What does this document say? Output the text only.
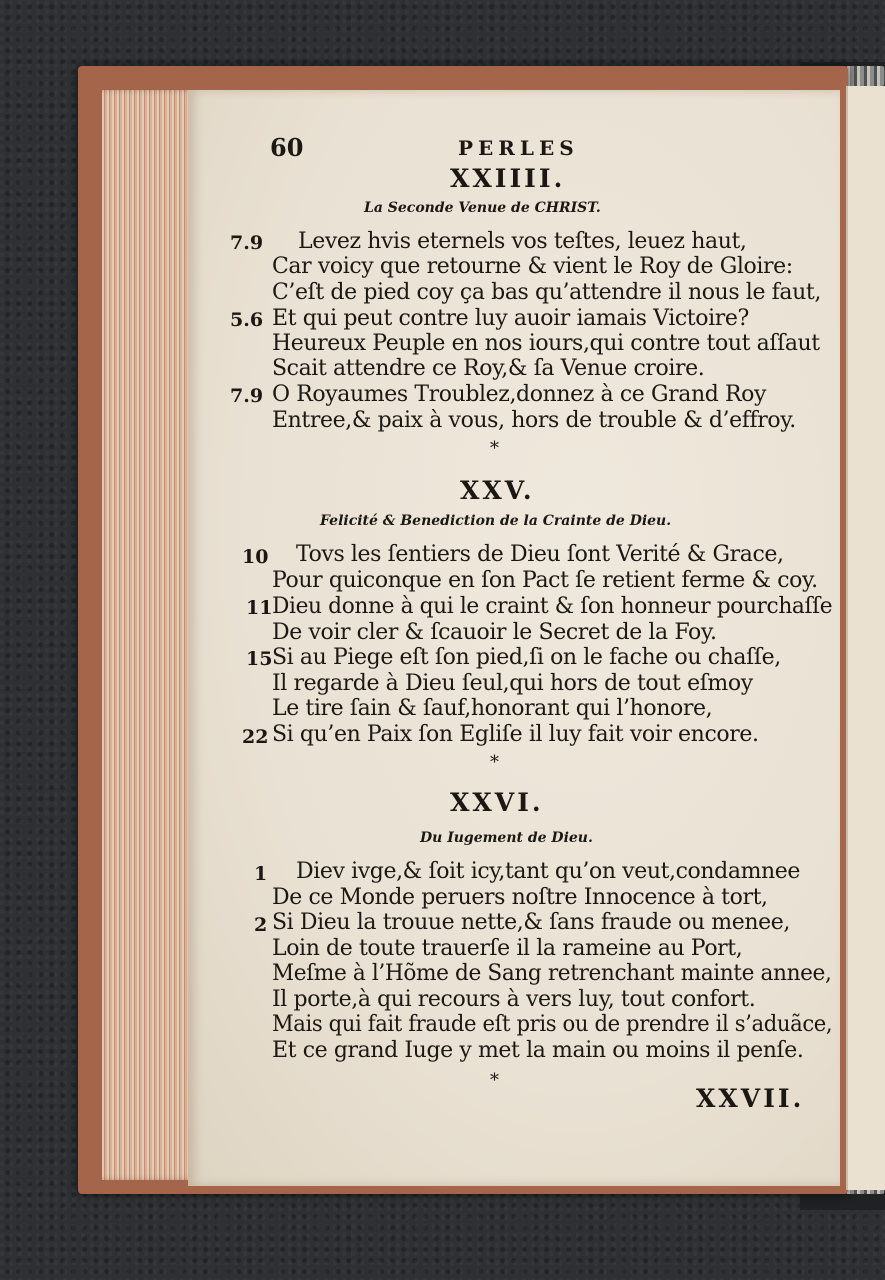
60	PERLES
XXIIII.
La Seconde Venue de CHRIST.
7.9 Levez hvis eternels vos teſtes, leuez haut,
Car voicy que retourne & vient le Roy de Gloire:
C’eſt de pied coy ça bas qu’attendre il nous le faut,
5.6 Et qui peut contre luy auoir iamais Victoire?
Heureux Peuple en nos iours,qui contre tout aſſaut
Scait attendre ce Roy,& ſa Venue croire.
7.9 O Royaumes Troublez,donnez à ce Grand Roy
Entree,& paix à vous, hors de trouble & d’effroy.
*
XXV.
Felicité & Benediction de la Crainte de Dieu.
10 Tovs les ſentiers de Dieu ſont Verité & Grace,
Pour quiconque en ſon Pact ſe retient ferme & coy.
11 Dieu donne à qui le craint & ſon honneur pourchaſſe
De voir cler & ſcauoir le Secret de la Foy.
15 Si au Piege eſt ſon pied,ſi on le fache ou chaſſe,
Il regarde à Dieu ſeul,qui hors de tout eſmoy
Le tire ſain & ſauf,honorant qui l’honore,
22 Si qu’en Paix ſon Egliſe il luy fait voir encore.
*
XXVI.
Du Iugement de Dieu.
1 Diev ivge,& ſoit icy,tant qu’on veut,condamnee
De ce Monde peruers noſtre Innocence à tort,
2 Si Dieu la trouue nette,& ſans fraude ou menee,
Loin de toute trauerſe il la rameine au Port,
Meſme à l’Hõme de Sang retrenchant mainte annee,
Il porte,à qui recours à vers luy, tout confort.
Mais qui fait fraude eſt pris ou de prendre il s’aduãce,
Et ce grand Iuge y met la main ou moins il penſe.
*
XXVII.
